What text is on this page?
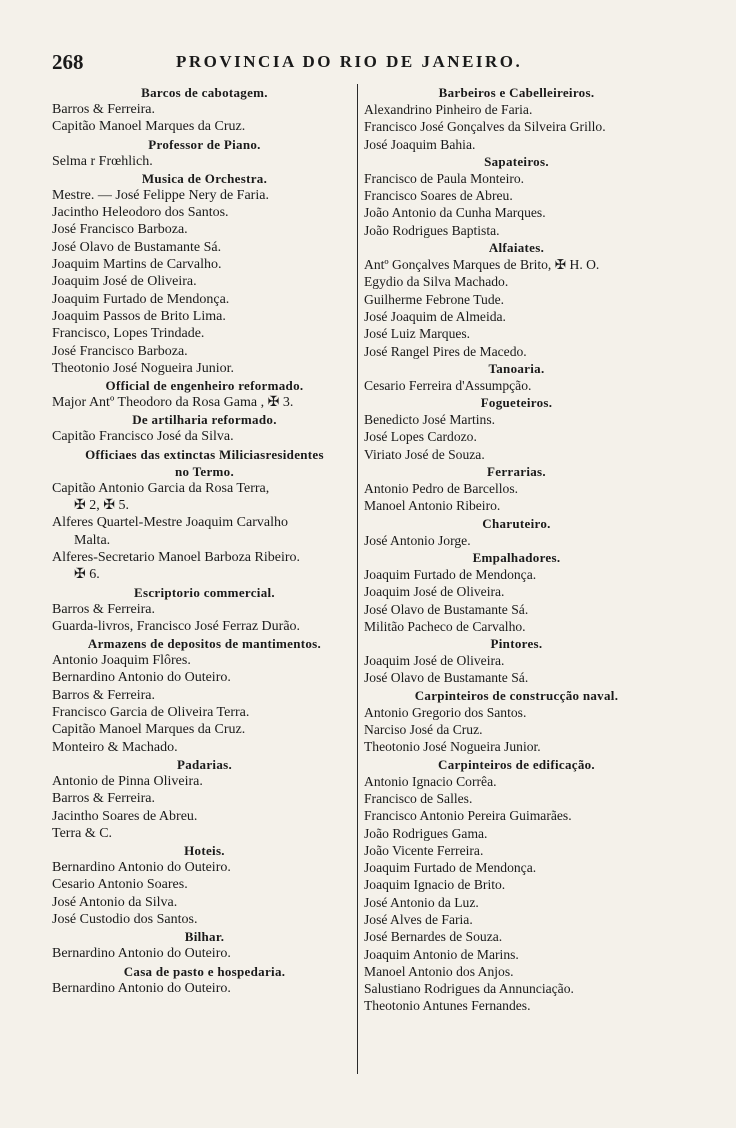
268	PROVINCIA DO RIO DE JANEIRO.
Barcos de cabotagem.
Barros & Ferreira.
Capitão Manoel Marques da Cruz.
Professor de Piano.
Selma r Frœhlich.
Musica de Orchestra.
Mestre. — José Felippe Nery de Faria.
Jacintho Heleodoro dos Santos.
José Francisco Barboza.
José Olavo de Bustamante Sá.
Joaquim Martins de Carvalho.
Joaquim José de Oliveira.
Joaquim Furtado de Mendonça.
Joaquim Passos de Brito Lima.
Francisco, Lopes Trindade.
José Francisco Barboza.
Theotonio José Nogueira Junior.
Official de engenheiro reformado.
Major Antº Theodoro da Rosa Gama , ✠ 3.
De artilharia reformado.
Capitão Francisco José da Silva.
Officiaes das extinctas Miliciasresidentes
no Termo.
Capitão Antonio Garcia da Rosa Terra,
✠ 2, ✠ 5.
Alferes Quartel-Mestre Joaquim Carvalho
Malta.
Alferes-Secretario Manoel Barboza Ribeiro.
✠ 6.
Escriptorio commercial.
Barros & Ferreira.
Guarda-livros, Francisco José Ferraz Durão.
Armazens de depositos de mantimentos.
Antonio Joaquim Flôres.
Bernardino Antonio do Outeiro.
Barros & Ferreira.
Francisco Garcia de Oliveira Terra.
Capitão Manoel Marques da Cruz.
Monteiro & Machado.
Padarias.
Antonio de Pinna Oliveira.
Barros & Ferreira.
Jacintho Soares de Abreu.
Terra & C.
Hoteis.
Bernardino Antonio do Outeiro.
Cesario Antonio Soares.
José Antonio da Silva.
José Custodio dos Santos.
Bilhar.
Bernardino Antonio do Outeiro.
Casa de pasto e hospedaria.
Bernardino Antonio do Outeiro.
Barbeiros e Cabelleireiros.
Alexandrino Pinheiro de Faria.
Francisco José Gonçalves da Silveira Grillo.
José Joaquim Bahia.
Sapateiros.
Francisco de Paula Monteiro.
Francisco Soares de Abreu.
João Antonio da Cunha Marques.
João Rodrigues Baptista.
Alfaiates.
Antº Gonçalves Marques de Brito, ✠ H. O.
Egydio da Silva Machado.
Guilherme Febrone Tude.
José Joaquim de Almeida.
José Luiz Marques.
José Rangel Pires de Macedo.
Tanoaria.
Cesario Ferreira d'Assumpção.
Fogueteiros.
Benedicto José Martins.
José Lopes Cardozo.
Viriato José de Souza.
Ferrarias.
Antonio Pedro de Barcellos.
Manoel Antonio Ribeiro.
Charuteiro.
José Antonio Jorge.
Empalhadores.
Joaquim Furtado de Mendonça.
Joaquim José de Oliveira.
José Olavo de Bustamante Sá.
Militão Pacheco de Carvalho.
Pintores.
Joaquim José de Oliveira.
José Olavo de Bustamante Sá.
Carpinteiros de construcção naval.
Antonio Gregorio dos Santos.
Narciso José da Cruz.
Theotonio José Nogueira Junior.
Carpinteiros de edificação.
Antonio Ignacio Corrêa.
Francisco de Salles.
Francisco Antonio Pereira Guimarães.
João Rodrigues Gama.
João Vicente Ferreira.
Joaquim Furtado de Mendonça.
Joaquim Ignacio de Brito.
José Antonio da Luz.
José Alves de Faria.
José Bernardes de Souza.
Joaquim Antonio de Marins.
Manoel Antonio dos Anjos.
Salustiano Rodrigues da Annunciação.
Theotonio Antunes Fernandes.
